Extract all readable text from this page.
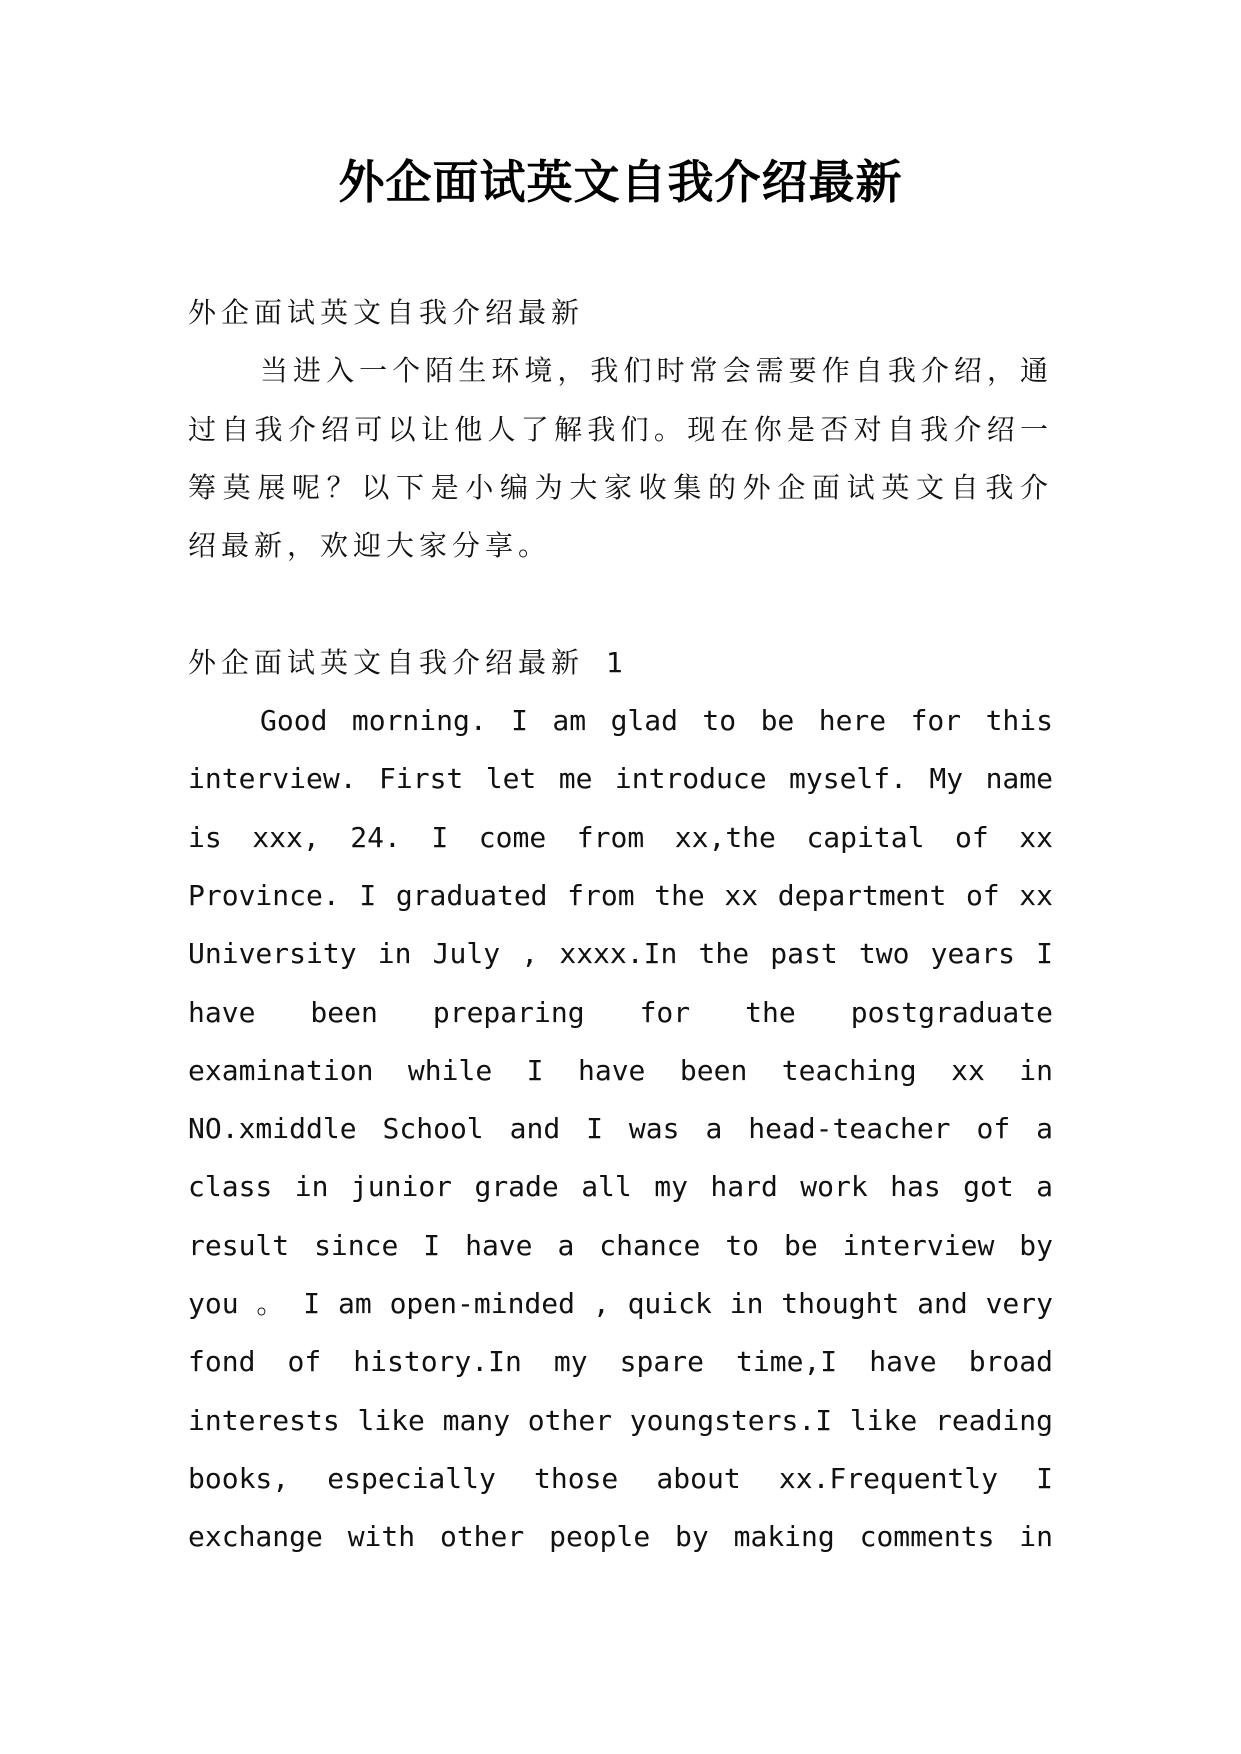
外企面试英文自我介绍最新
外企面试英文自我介绍最新
当进入一个陌生环境，我们时常会需要作自我介绍，通
过自我介绍可以让他人了解我们。现在你是否对自我介绍一
筹莫展呢？以下是小编为大家收集的外企面试英文自我介
绍最新，欢迎大家分享。
外企面试英文自我介绍最新 1
Good morning. I am glad to be here for this
interview. First let me introduce myself. My name
is xxx, 24. I come from xx,the capital of xx
Province. I graduated from the xx department of xx
University in July , xxxx.In the past two years I
have been preparing for the postgraduate
examination while I have been teaching xx in
NO.xmiddle School and I was a head-teacher of a
class in junior grade all my hard work has got a
result since I have a chance to be interview by
you 。 I am open-minded , quick in thought and very
fond of history.In my spare time,I have broad
interests like many other youngsters.I like reading
books, especially those about xx.Frequently I
exchange with other people by making comments in
